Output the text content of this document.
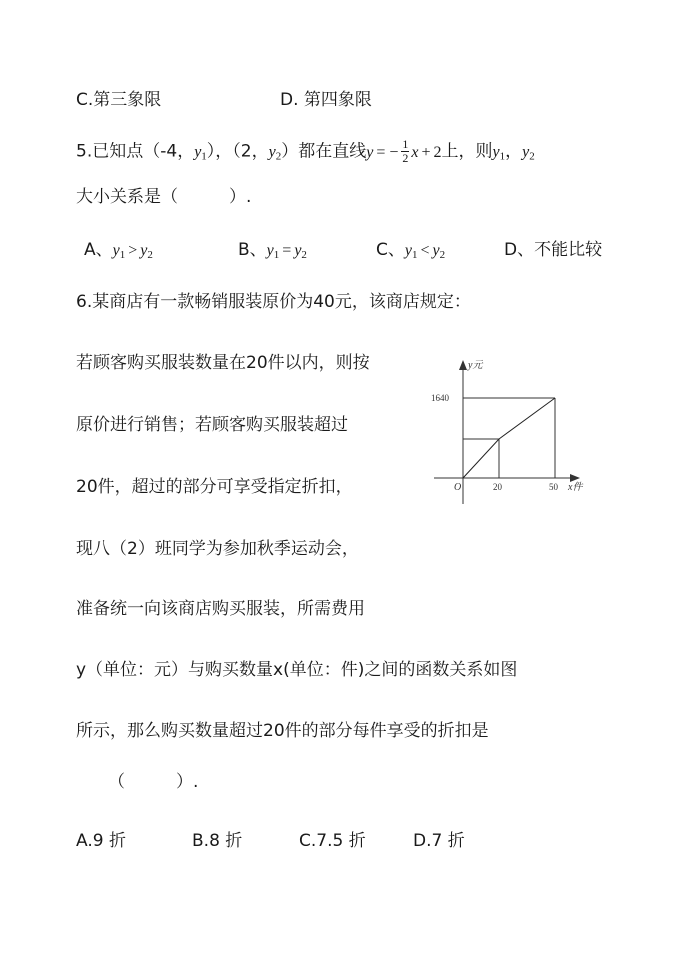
C.第三象限	D. 第四象限
5.已知点（-4，$y_1$），（2，$y_2$）都在直线y = − $\frac{1}{2}$ x + 2上，则$y_1$，$y_2$
大小关系是（　　　）.
A、$y_1 > y_2$	B、$y_1 = y_2$	C、$y_1 < y_2$	D、不能比较
6.某商店有一款畅销服装原价为40元，该商店规定：
若顾客购买服装数量在20件以内，则按
原价进行销售；若顾客购买服装超过
20件，超过的部分可享受指定折扣，
现八（2）班同学为参加秋季运动会，
准备统一向该商店购买服装，所需费用
y（单位：元）与购买数量x(单位：件)之间的函数关系如图
所示，那么购买数量超过20件的部分每件享受的折扣是
（　　　）.
A.9 折	B.8 折	C.7.5 折	D.7 折
y元
1640
O	20	50 x件
